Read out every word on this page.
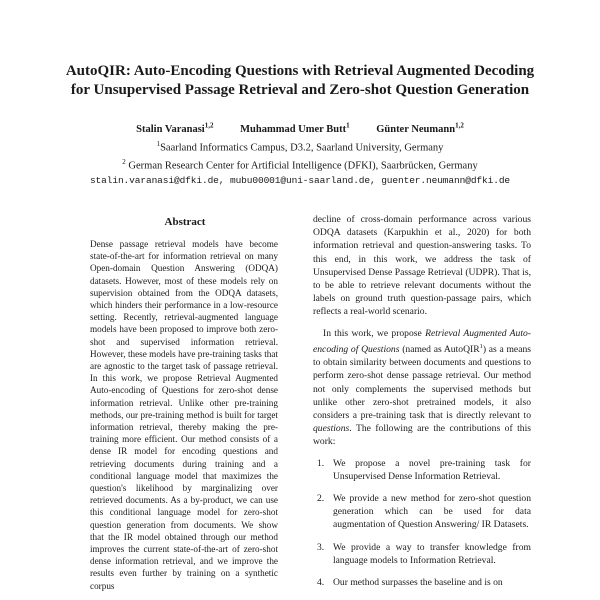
AutoQIR: Auto-Encoding Questions with Retrieval Augmented Decoding
for Unsupervised Passage Retrieval and Zero-shot Question Generation
Stalin Varanasi$^{1,2}$	Muhammad Umer Butt$^1$	Günter Neumann$^{1,2}$
$^1$Saarland Informatics Campus, D3.2, Saarland University, Germany
$^2$ German Research Center for Artificial Intelligence (DFKI), Saarbrücken, Germany
stalin.varanasi@dfki.de, mubu00001@uni-saarland.de, guenter.neumann@dfki.de
Abstract
Dense passage retrieval models have become state-of-the-art for information retrieval on many Open-domain Question Answering (ODQA) datasets. However, most of these models rely on supervision obtained from the ODQA datasets, which hinders their performance in a low-resource setting. Recently, retrieval-augmented language models have been proposed to improve both zero-shot and supervised information retrieval. However, these models have pre-training tasks that are agnostic to the target task of passage retrieval. In this work, we propose Retrieval Augmented Auto-encoding of Questions for zero-shot dense information retrieval. Unlike other pre-training methods, our pre-training method is built for target information retrieval, thereby making the pre-training more efficient. Our method consists of a dense IR model for encoding questions and retrieving documents during training and a conditional language model that maximizes the question's likelihood by marginalizing over retrieved documents. As a by-product, we can use this conditional language model for zero-shot question generation from documents. We show that the IR model obtained through our method improves the current state-of-the-art of zero-shot dense information retrieval, and we improve the results even further by training on a synthetic corpus

decline of cross-domain performance across various ODQA datasets (Karpukhin et al., 2020) for both information retrieval and question-answering tasks. To this end, in this work, we address the task of Unsupervised Dense Passage Retrieval (UDPR). That is, to be able to retrieve relevant documents without the labels on ground truth question-passage pairs, which reflects a real-world scenario.

In this work, we propose Retrieval Augmented Auto-encoding of Questions (named as AutoQIR$^1$) as a means to obtain similarity between documents and questions to perform zero-shot dense passage retrieval. Our method not only complements the supervised methods but unlike other zero-shot pretrained models, it also considers a pre-training task that is directly relevant to questions. The following are the contributions of this work:

1. We propose a novel pre-training task for Unsupervised Dense Information Retrieval.
2. We provide a new method for zero-shot question generation which can be used for data augmentation of Question Answering/ IR Datasets.
3. We provide a way to transfer knowledge from language models to Information Retrieval.
4. Our method surpasses the baseline and is on
